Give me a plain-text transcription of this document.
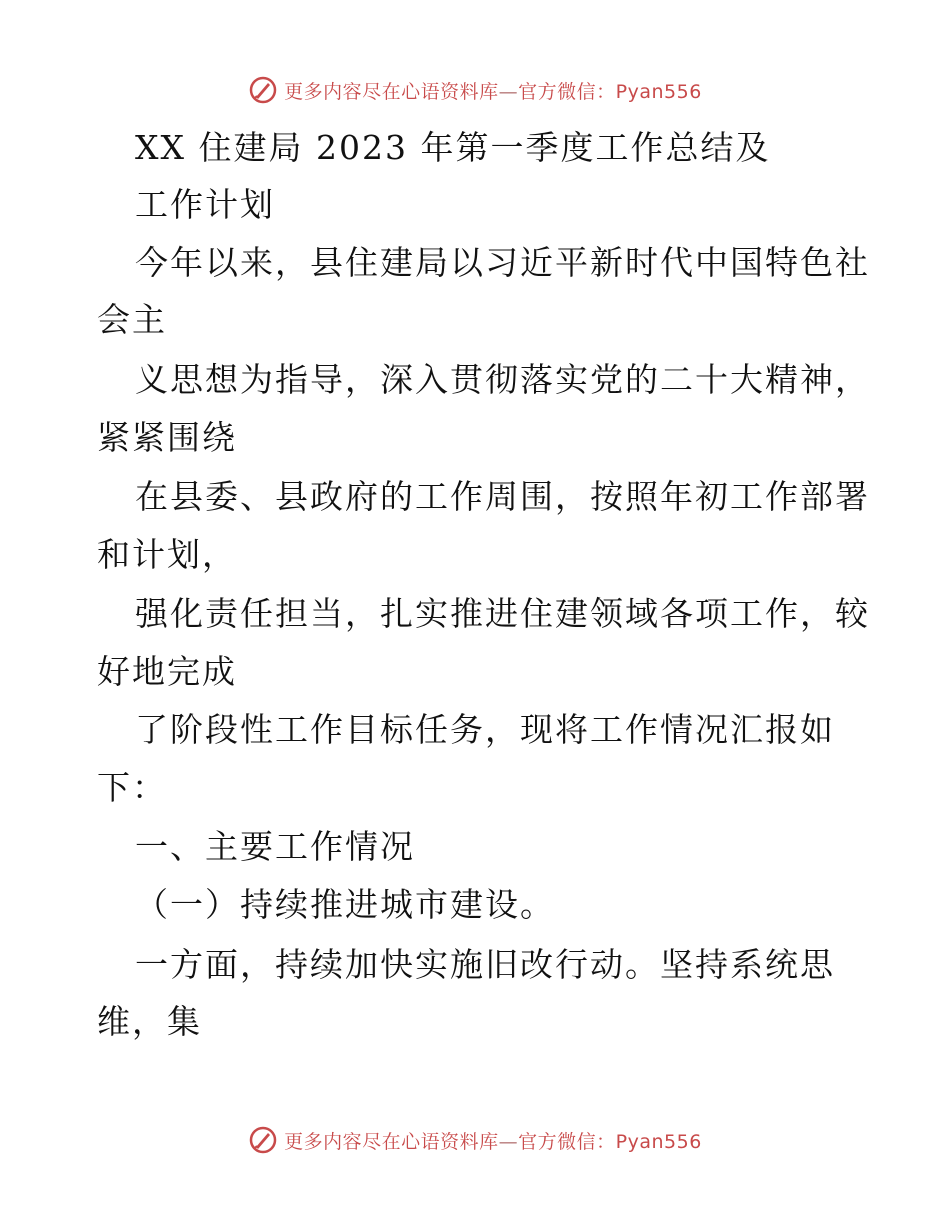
更多内容尽在心语资料库—官方微信：Pyan556
XX 住建局 2023 年第一季度工作总结及
工作计划
今年以来，县住建局以习近平新时代中国特色社
会主
义思想为指导，深入贯彻落实党的二十大精神，
紧紧围绕
在县委、县政府的工作周围，按照年初工作部署
和计划，
强化责任担当，扎实推进住建领域各项工作，较
好地完成
了阶段性工作目标任务，现将工作情况汇报如
下：
一、主要工作情况
（一）持续推进城市建设。
一方面，持续加快实施旧改行动。坚持系统思
维，集
更多内容尽在心语资料库—官方微信：Pyan556
